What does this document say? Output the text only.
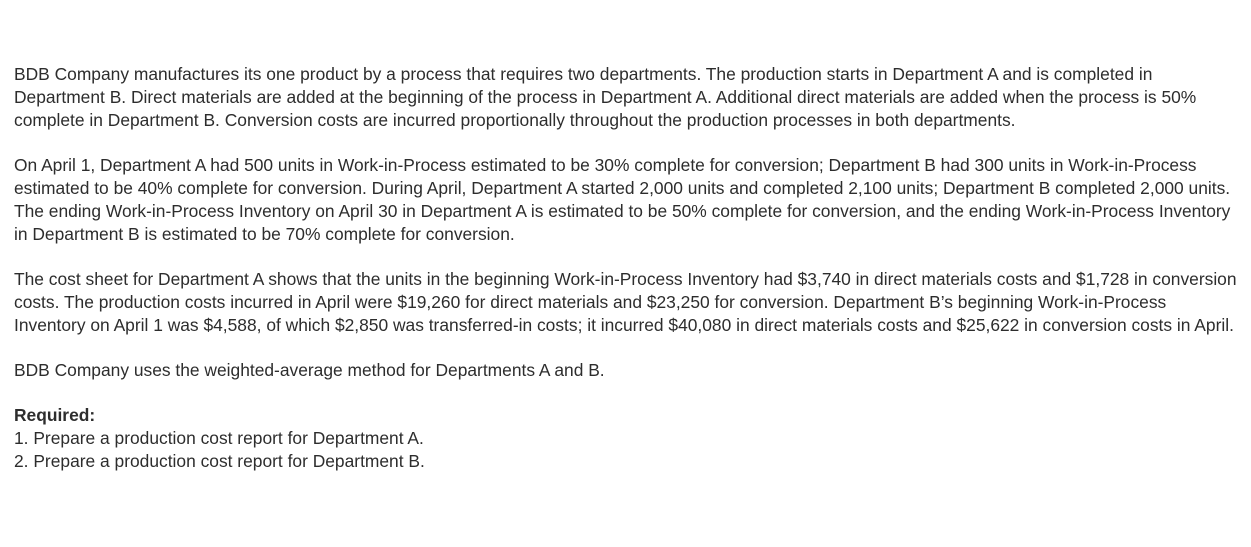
BDB Company manufactures its one product by a process that requires two departments. The production starts in Department A and is completed in Department B. Direct materials are added at the beginning of the process in Department A. Additional direct materials are added when the process is 50% complete in Department B. Conversion costs are incurred proportionally throughout the production processes in both departments.

On April 1, Department A had 500 units in Work-in-Process estimated to be 30% complete for conversion; Department B had 300 units in Work-in-Process estimated to be 40% complete for conversion. During April, Department A started 2,000 units and completed 2,100 units; Department B completed 2,000 units. The ending Work-in-Process Inventory on April 30 in Department A is estimated to be 50% complete for conversion, and the ending Work-in-Process Inventory in Department B is estimated to be 70% complete for conversion.

The cost sheet for Department A shows that the units in the beginning Work-in-Process Inventory had $3,740 in direct materials costs and $1,728 in conversion costs. The production costs incurred in April were $19,260 for direct materials and $23,250 for conversion. Department B’s beginning Work-in-Process Inventory on April 1 was $4,588, of which $2,850 was transferred-in costs; it incurred $40,080 in direct materials costs and $25,622 in conversion costs in April.

BDB Company uses the weighted-average method for Departments A and B.

Required:

1. Prepare a production cost report for Department A.

2. Prepare a production cost report for Department B.
